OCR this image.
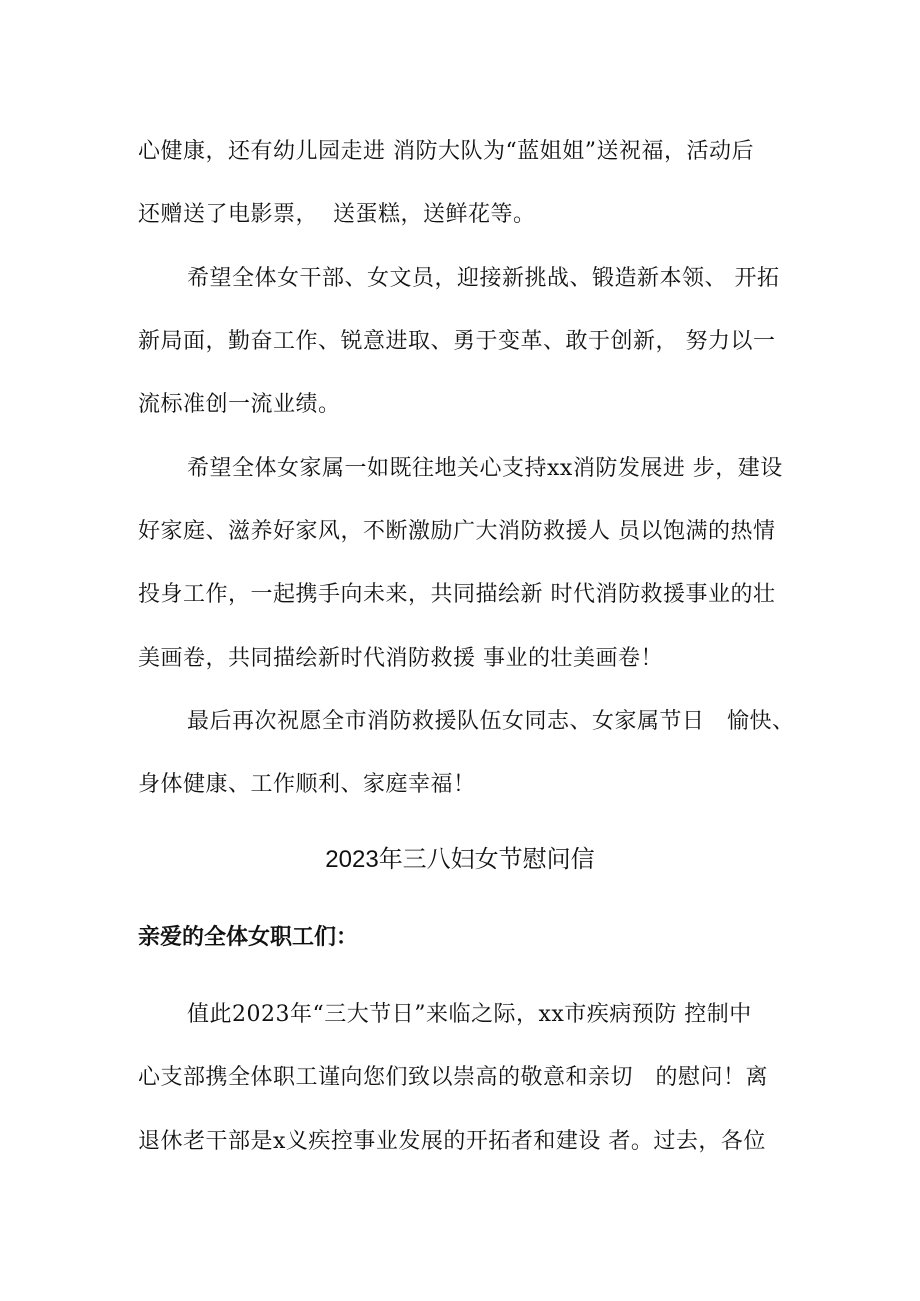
心健康，还有幼儿园走进 消防大队为“蓝姐姐”送祝福，活动后
还赠送了电影票，  送蛋糕，送鲜花等。
希望全体女干部、女文员，迎接新挑战、锻造新本领、 开拓
新局面，勤奋工作、锐意进取、勇于变革、敢于创新， 努力以一
流标准创一流业绩。
希望全体女家属一如既往地关心支持xx消防发展进 步，建设
好家庭、滋养好家风，不断激励广大消防救援人 员以饱满的热情
投身工作，一起携手向未来，共同描绘新 时代消防救援事业的壮
美画卷，共同描绘新时代消防救援 事业的壮美画卷！
最后再次祝愿全市消防救援队伍女同志、女家属节日   愉快、
身体健康、工作顺利、家庭幸福！
2023年三八妇女节慰问信
亲爱的全体女职工们：
值此2023年“三大节日”来临之际，xx市疾病预防 控制中
心支部携全体职工谨向您们致以崇高的敬意和亲切   的慰问！离
退休老干部是x义疾控事业发展的开拓者和建设 者。过去，各位
